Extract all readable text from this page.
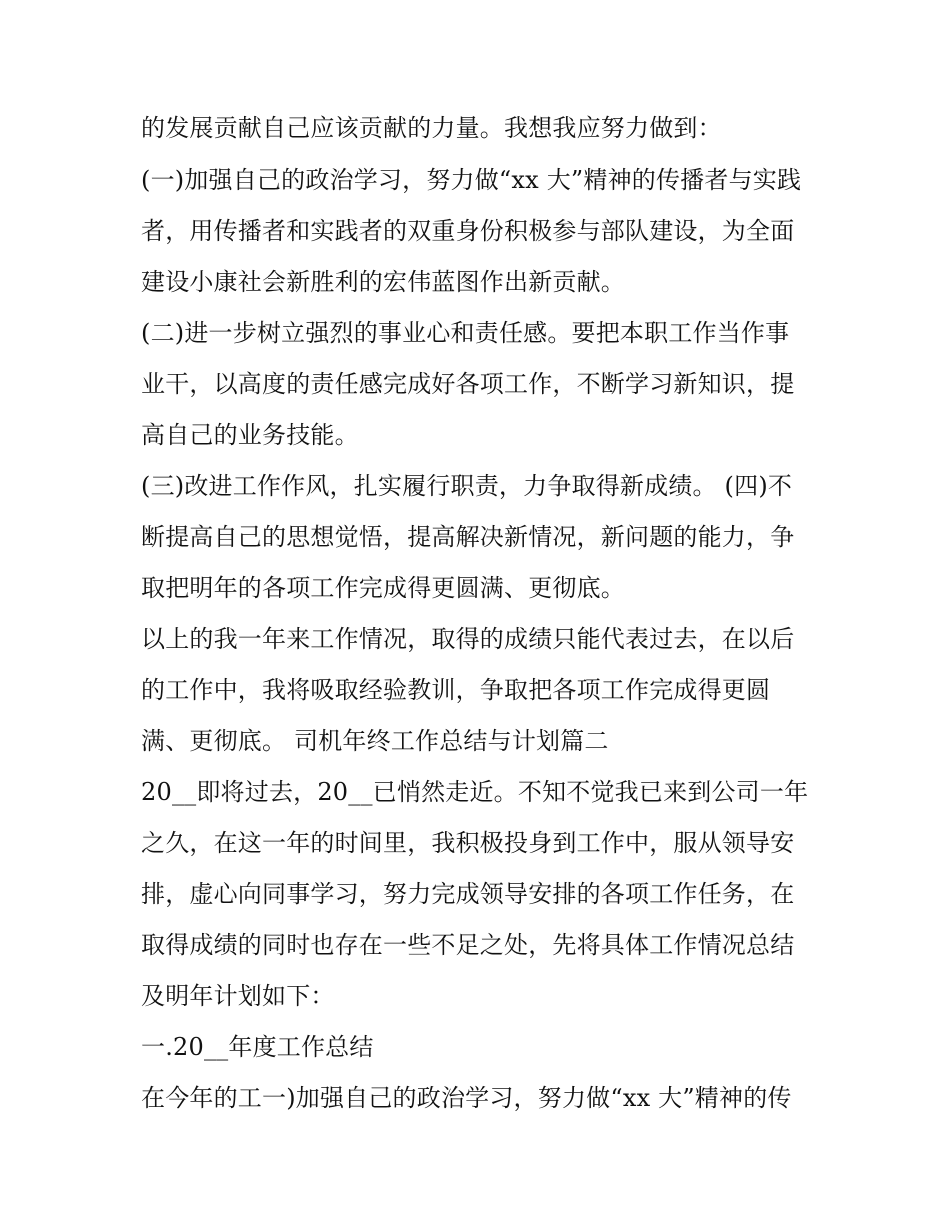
的发展贡献自己应该贡献的力量。我想我应努力做到：
(一)加强自己的政治学习，努力做“xx 大”精神的传播者与实践
者，用传播者和实践者的双重身份积极参与部队建设，为全面
建设小康社会新胜利的宏伟蓝图作出新贡献。
(二)进一步树立强烈的事业心和责任感。要把本职工作当作事
业干，以高度的责任感完成好各项工作，不断学习新知识，提
高自己的业务技能。
(三)改进工作作风，扎实履行职责，力争取得新成绩。 (四)不
断提高自己的思想觉悟，提高解决新情况，新问题的能力，争
取把明年的各项工作完成得更圆满、更彻底。
以上的我一年来工作情况，取得的成绩只能代表过去，在以后
的工作中，我将吸取经验教训，争取把各项工作完成得更圆
满、更彻底。 司机年终工作总结与计划篇二
20__即将过去，20__已悄然走近。不知不觉我已来到公司一年
之久，在这一年的时间里，我积极投身到工作中，服从领导安
排，虚心向同事学习，努力完成领导安排的各项工作任务，在
取得成绩的同时也存在一些不足之处，先将具体工作情况总结
及明年计划如下：
一.20__年度工作总结
在今年的工一)加强自己的政治学习，努力做“xx 大”精神的传
